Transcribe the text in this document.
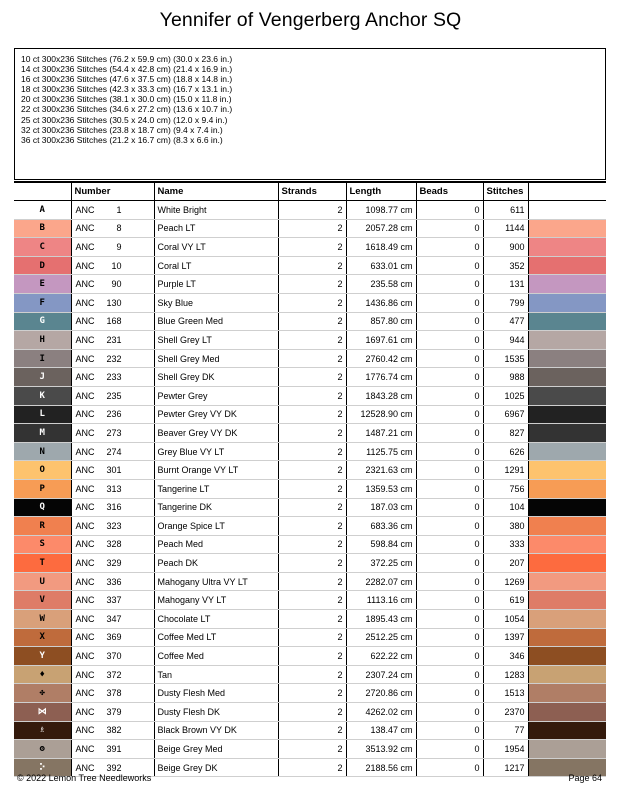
Yennifer of Vengerberg Anchor SQ
10 ct 300x236 Stitches (76.2 x 59.9 cm) (30.0 x 23.6 in.)
14 ct 300x236 Stitches (54.4 x 42.8 cm) (21.4 x 16.9 in.)
16 ct 300x236 Stitches (47.6 x 37.5 cm) (18.8 x 14.8 in.)
18 ct 300x236 Stitches (42.3 x 33.3 cm) (16.7 x 13.1 in.)
20 ct 300x236 Stitches (38.1 x 30.0 cm) (15.0 x 11.8 in.)
22 ct 300x236 Stitches (34.6 x 27.2 cm) (13.6 x 10.7 in.)
25 ct 300x236 Stitches (30.5 x 24.0 cm) (12.0 x 9.4 in.)
32 ct 300x236 Stitches (23.8 x 18.7 cm) (9.4 x 7.4 in.)
36 ct 300x236 Stitches (21.2 x 16.7 cm) (8.3 x 6.6 in.)
	Number	Name	Strands	Length	Beads	Stitches	
A	ANC 1	White Bright	2	1098.77 cm	0	611	
B	ANC 8	Peach LT	2	2057.28 cm	0	1144	
C	ANC 9	Coral VY LT	2	1618.49 cm	0	900	
D	ANC 10	Coral LT	2	633.01 cm	0	352	
E	ANC 90	Purple LT	2	235.58 cm	0	131	
F	ANC 130	Sky Blue	2	1436.86 cm	0	799	
G	ANC 168	Blue Green Med	2	857.80 cm	0	477	
H	ANC 231	Shell Grey LT	2	1697.61 cm	0	944	
I	ANC 232	Shell Grey Med	2	2760.42 cm	0	1535	
J	ANC 233	Shell Grey DK	2	1776.74 cm	0	988	
K	ANC 235	Pewter Grey	2	1843.28 cm	0	1025	
L	ANC 236	Pewter Grey VY DK	2	12528.90 cm	0	6967	
M	ANC 273	Beaver Grey VY DK	2	1487.21 cm	0	827	
N	ANC 274	Grey Blue VY LT	2	1125.75 cm	0	626	
O	ANC 301	Burnt Orange VY LT	2	2321.63 cm	0	1291	
P	ANC 313	Tangerine LT	2	1359.53 cm	0	756	
Q	ANC 316	Tangerine DK	2	187.03 cm	0	104	
R	ANC 323	Orange Spice LT	2	683.36 cm	0	380	
S	ANC 328	Peach Med	2	598.84 cm	0	333	
T	ANC 329	Peach DK	2	372.25 cm	0	207	
U	ANC 336	Mahogany Ultra VY LT	2	2282.07 cm	0	1269	
V	ANC 337	Mahogany VY LT	2	1113.16 cm	0	619	
W	ANC 347	Chocolate LT	2	1895.43 cm	0	1054	
X	ANC 369	Coffee Med LT	2	2512.25 cm	0	1397	
Y	ANC 370	Coffee Med	2	622.22 cm	0	346	
♦	ANC 372	Tan	2	2307.24 cm	0	1283	
✤	ANC 378	Dusty Flesh Med	2	2720.86 cm	0	1513	
⋈	ANC 379	Dusty Flesh DK	2	4262.02 cm	0	2370	
♗	ANC 382	Black Brown VY DK	2	138.47 cm	0	77	
ʘ	ANC 391	Beige Grey Med	2	3513.92 cm	0	1954	
⠕	ANC 392	Beige Grey DK	2	2188.56 cm	0	1217	
© 2022 Lemon Tree Needleworks	Page 64
